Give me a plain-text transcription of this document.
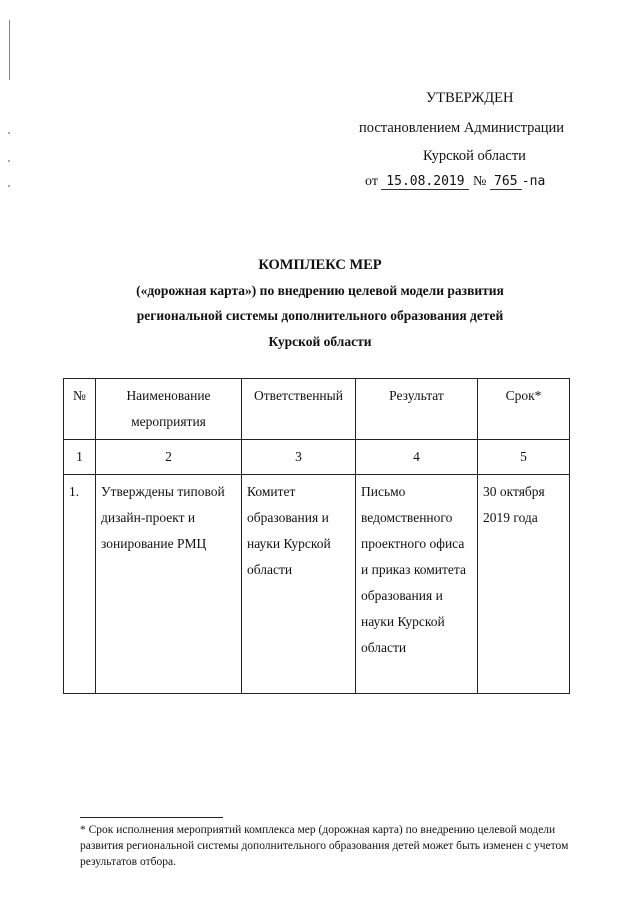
УТВЕРЖДЕН
постановлением Администрации
Курской области
от 15.08.2019 № 765 -па
КОМПЛЕКС МЕР
(«дорожная карта») по внедрению целевой модели развития
региональной системы дополнительного образования детей
Курской области
№	Наименование мероприятия	Ответственный	Результат	Срок*
1	2	3	4	5
1.	Утверждены типовой дизайн-проект и зонирование РМЦ	Комитет образования и науки Курской области	Письмо ведомственного проектного офиса и приказ комитета образования и науки Курской области	30 октября 2019 года
* Срок исполнения мероприятий комплекса мер (дорожная карта) по внедрению целевой модели развития региональной системы дополнительного образования детей может быть изменен с учетом результатов отбора.
